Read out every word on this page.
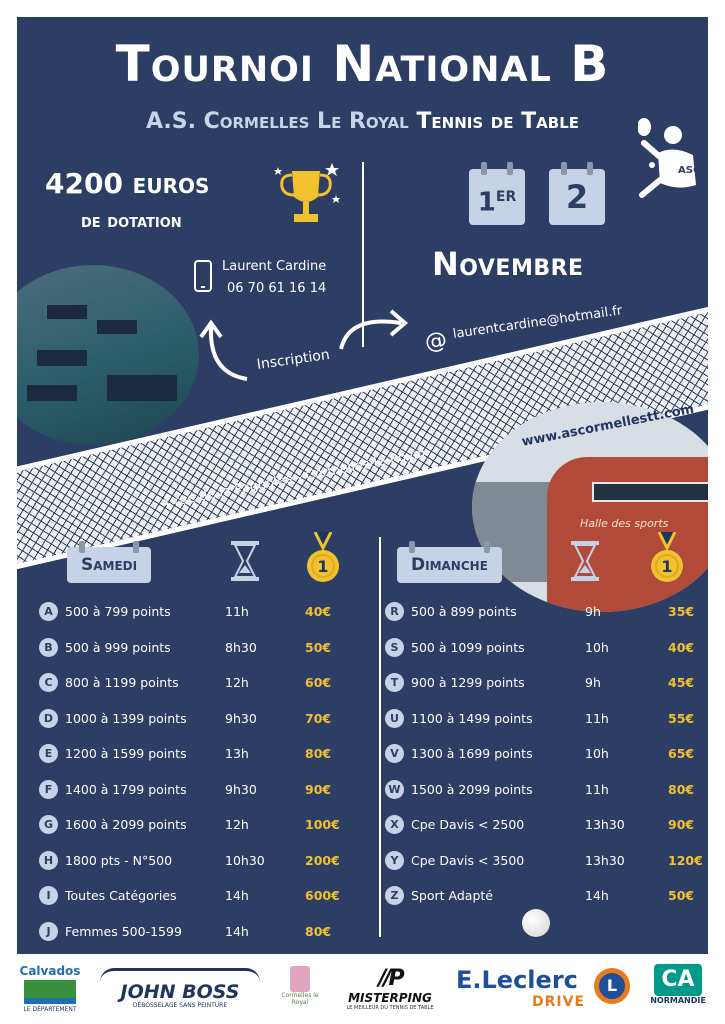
Tournoi National B
A.S. Cormelles Le Royal Tennis de Table
ASC
4200 euros
de dotation
1ER	2
Novembre
Laurent Cardine
06 70 61 16 14
Inscription
@ laurentcardine@hotmail.fr
Halle des sports
www.ascormellestt.com
4 rue de la Pagnolée - Cormelles-le-Royal
Samedi	1	Dimanche	1
A 500 à 799 points	11h	40€
B 500 à 999 points	8h30	50€
C 800 à 1199 points	12h	60€
D 1000 à 1399 points	9h30	70€
E	1200 à 1599 points	13h	80€
F	1400 à 1799 points	9h30	90€
G 1600 à 2099 points	12h	100€
H 1800 pts - N°500	10h30	200€
I	Toutes Catégories	14h	600€
J	Femmes 500-1599	14h	80€
R 500 à 899 points	9h	35€
S	500 à 1099 points	10h	40€
T	900 à 1299 points	9h	45€
U 1100 à 1499 points	11h	55€
V 1300 à 1699 points	10h	65€
W 1500 à 2099 points	11h	80€
X Cpe Davis < 2500	13h30	90€
Y	Cpe Davis < 3500	13h30	120€
Z	Sport Adapté	14h	50€
Calvados
LE DÉPARTEMENT
JOHN BOSS
DÉBOSSELAGE SANS PEINTURE
Cormelles le Royal
//P
MISTERPING
LE MEILLEUR DU TENNIS DE TABLE
E.Leclerc
DRIVE
L	CA
NORMANDIE
